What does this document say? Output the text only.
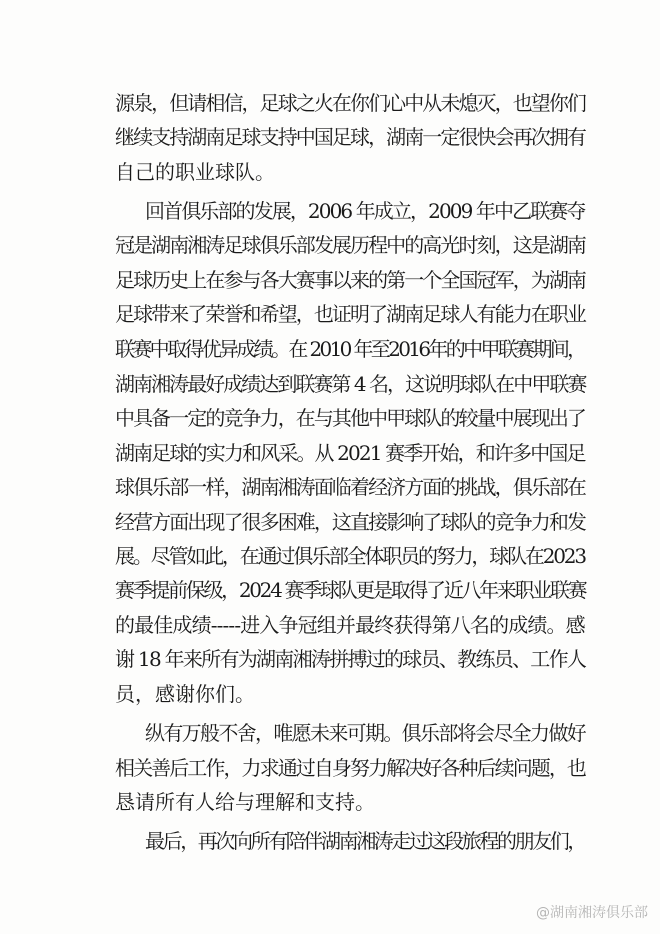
源泉，但请相信，足球之火在你们心中从未熄灭，也望你们
继续支持湖南足球支持中国足球，湖南一定很快会再次拥有
自己的职业球队。
回首俱乐部的发展，2006 年成立，2009 年中乙联赛夺
冠是湖南湘涛足球俱乐部发展历程中的高光时刻，这是湖南
足球历史上在参与各大赛事以来的第一个全国冠军，为湖南
足球带来了荣誉和希望，也证明了湖南足球人有能力在职业
联赛中取得优异成绩。在 2010 年至2016年的中甲联赛期间，
湖南湘涛最好成绩达到联赛第 4 名，这说明球队在中甲联赛
中具备一定的竞争力，在与其他中甲球队的较量中展现出了
湖南足球的实力和风采。从 2021 赛季开始，和许多中国足
球俱乐部一样，湖南湘涛面临着经济方面的挑战，俱乐部在
经营方面出现了很多困难，这直接影响了球队的竞争力和发
展。尽管如此，在通过俱乐部全体职员的努力，球队在2023
赛季提前保级，2024 赛季球队更是取得了近八年来职业联赛
的最佳成绩-----进入争冠组并最终获得第八名的成绩。感
谢 18 年来所有为湖南湘涛拼搏过的球员、教练员、工作人
员，感谢你们。
纵有万般不舍，唯愿未来可期。俱乐部将会尽全力做好
相关善后工作，力求通过自身努力解决好各种后续问题，也
恳请所有人给与理解和支持。
最后，再次向所有陪伴湖南湘涛走过这段旅程的朋友们，
@湖南湘涛俱乐部
